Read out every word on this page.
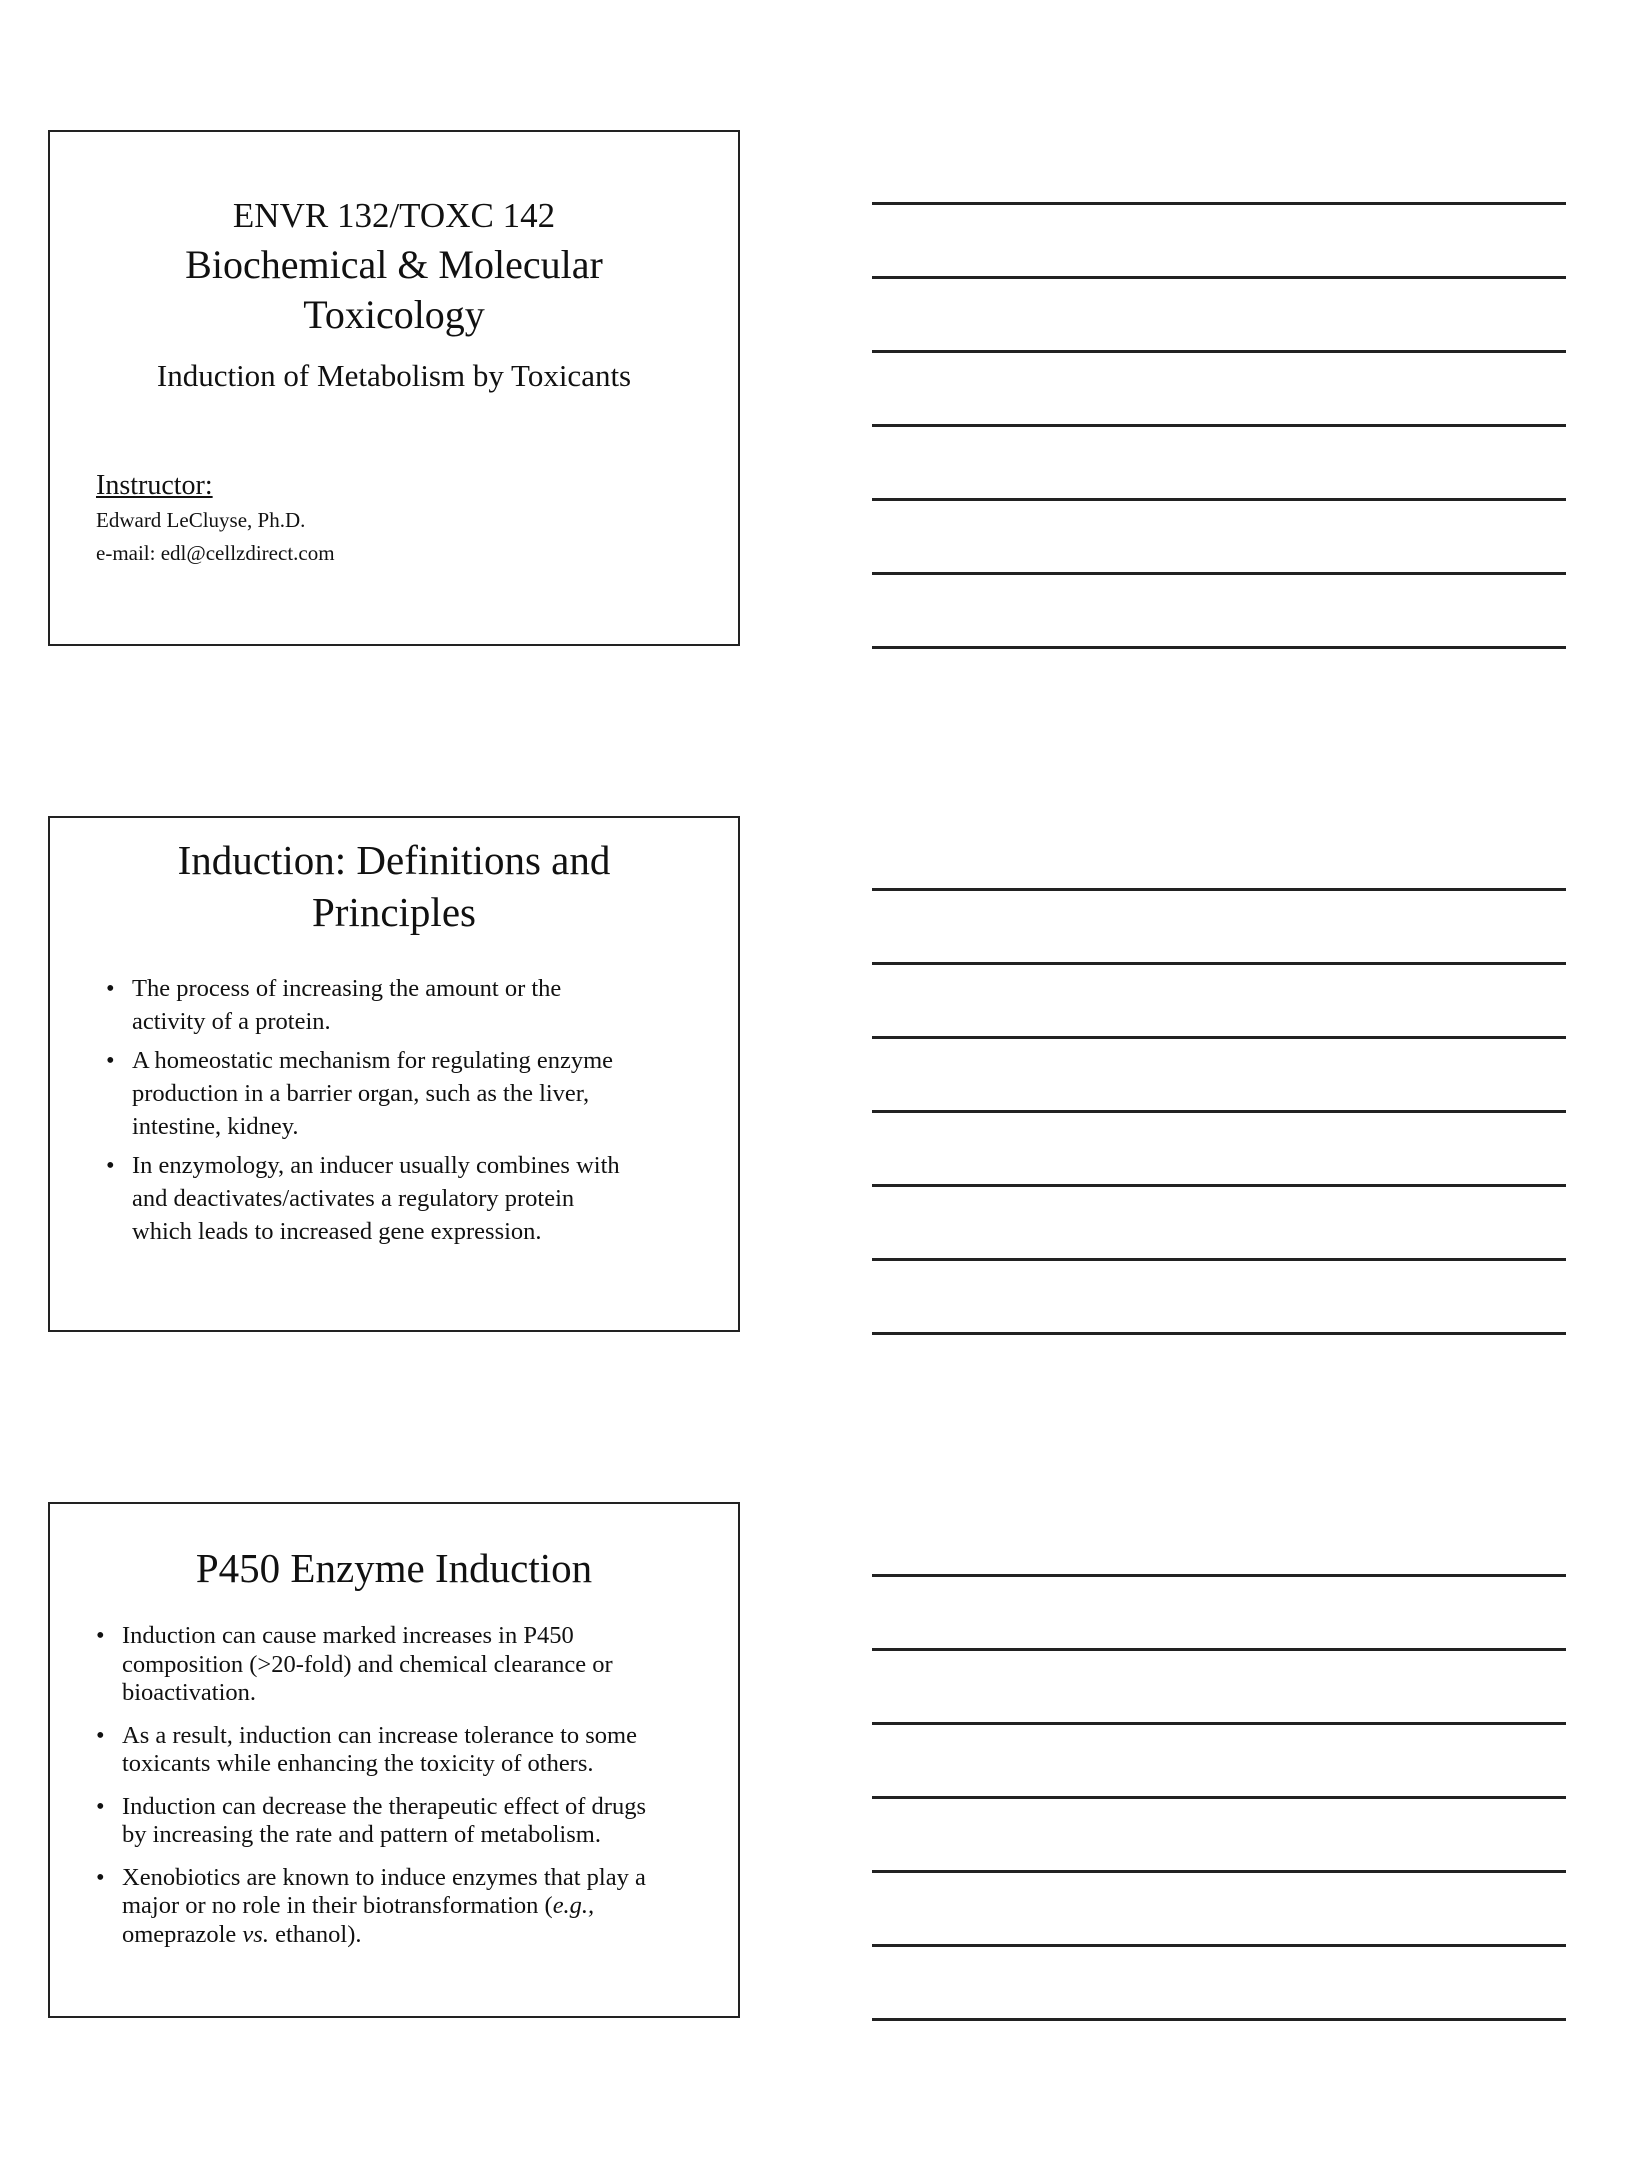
ENVR 132/TOXC 142
Biochemical & Molecular
Toxicology
Induction of Metabolism by Toxicants
Instructor:
Edward LeCluyse, Ph.D.
e-mail: edl@cellzdirect.com
Induction: Definitions and
Principles
• The process of increasing the amount or the
activity of a protein.
• A homeostatic mechanism for regulating enzyme
production in a barrier organ, such as the liver,
intestine, kidney.
• In enzymology, an inducer usually combines with
and deactivates/activates a regulatory protein
which leads to increased gene expression.
P450 Enzyme Induction
• Induction can cause marked increases in P450
composition (>20-fold) and chemical clearance or
bioactivation.
• As a result, induction can increase tolerance to some
toxicants while enhancing the toxicity of others.
• Induction can decrease the therapeutic effect of drugs
by increasing the rate and pattern of metabolism.
• Xenobiotics are known to induce enzymes that play a
major or no role in their biotransformation (e.g.,
omeprazole vs. ethanol).
